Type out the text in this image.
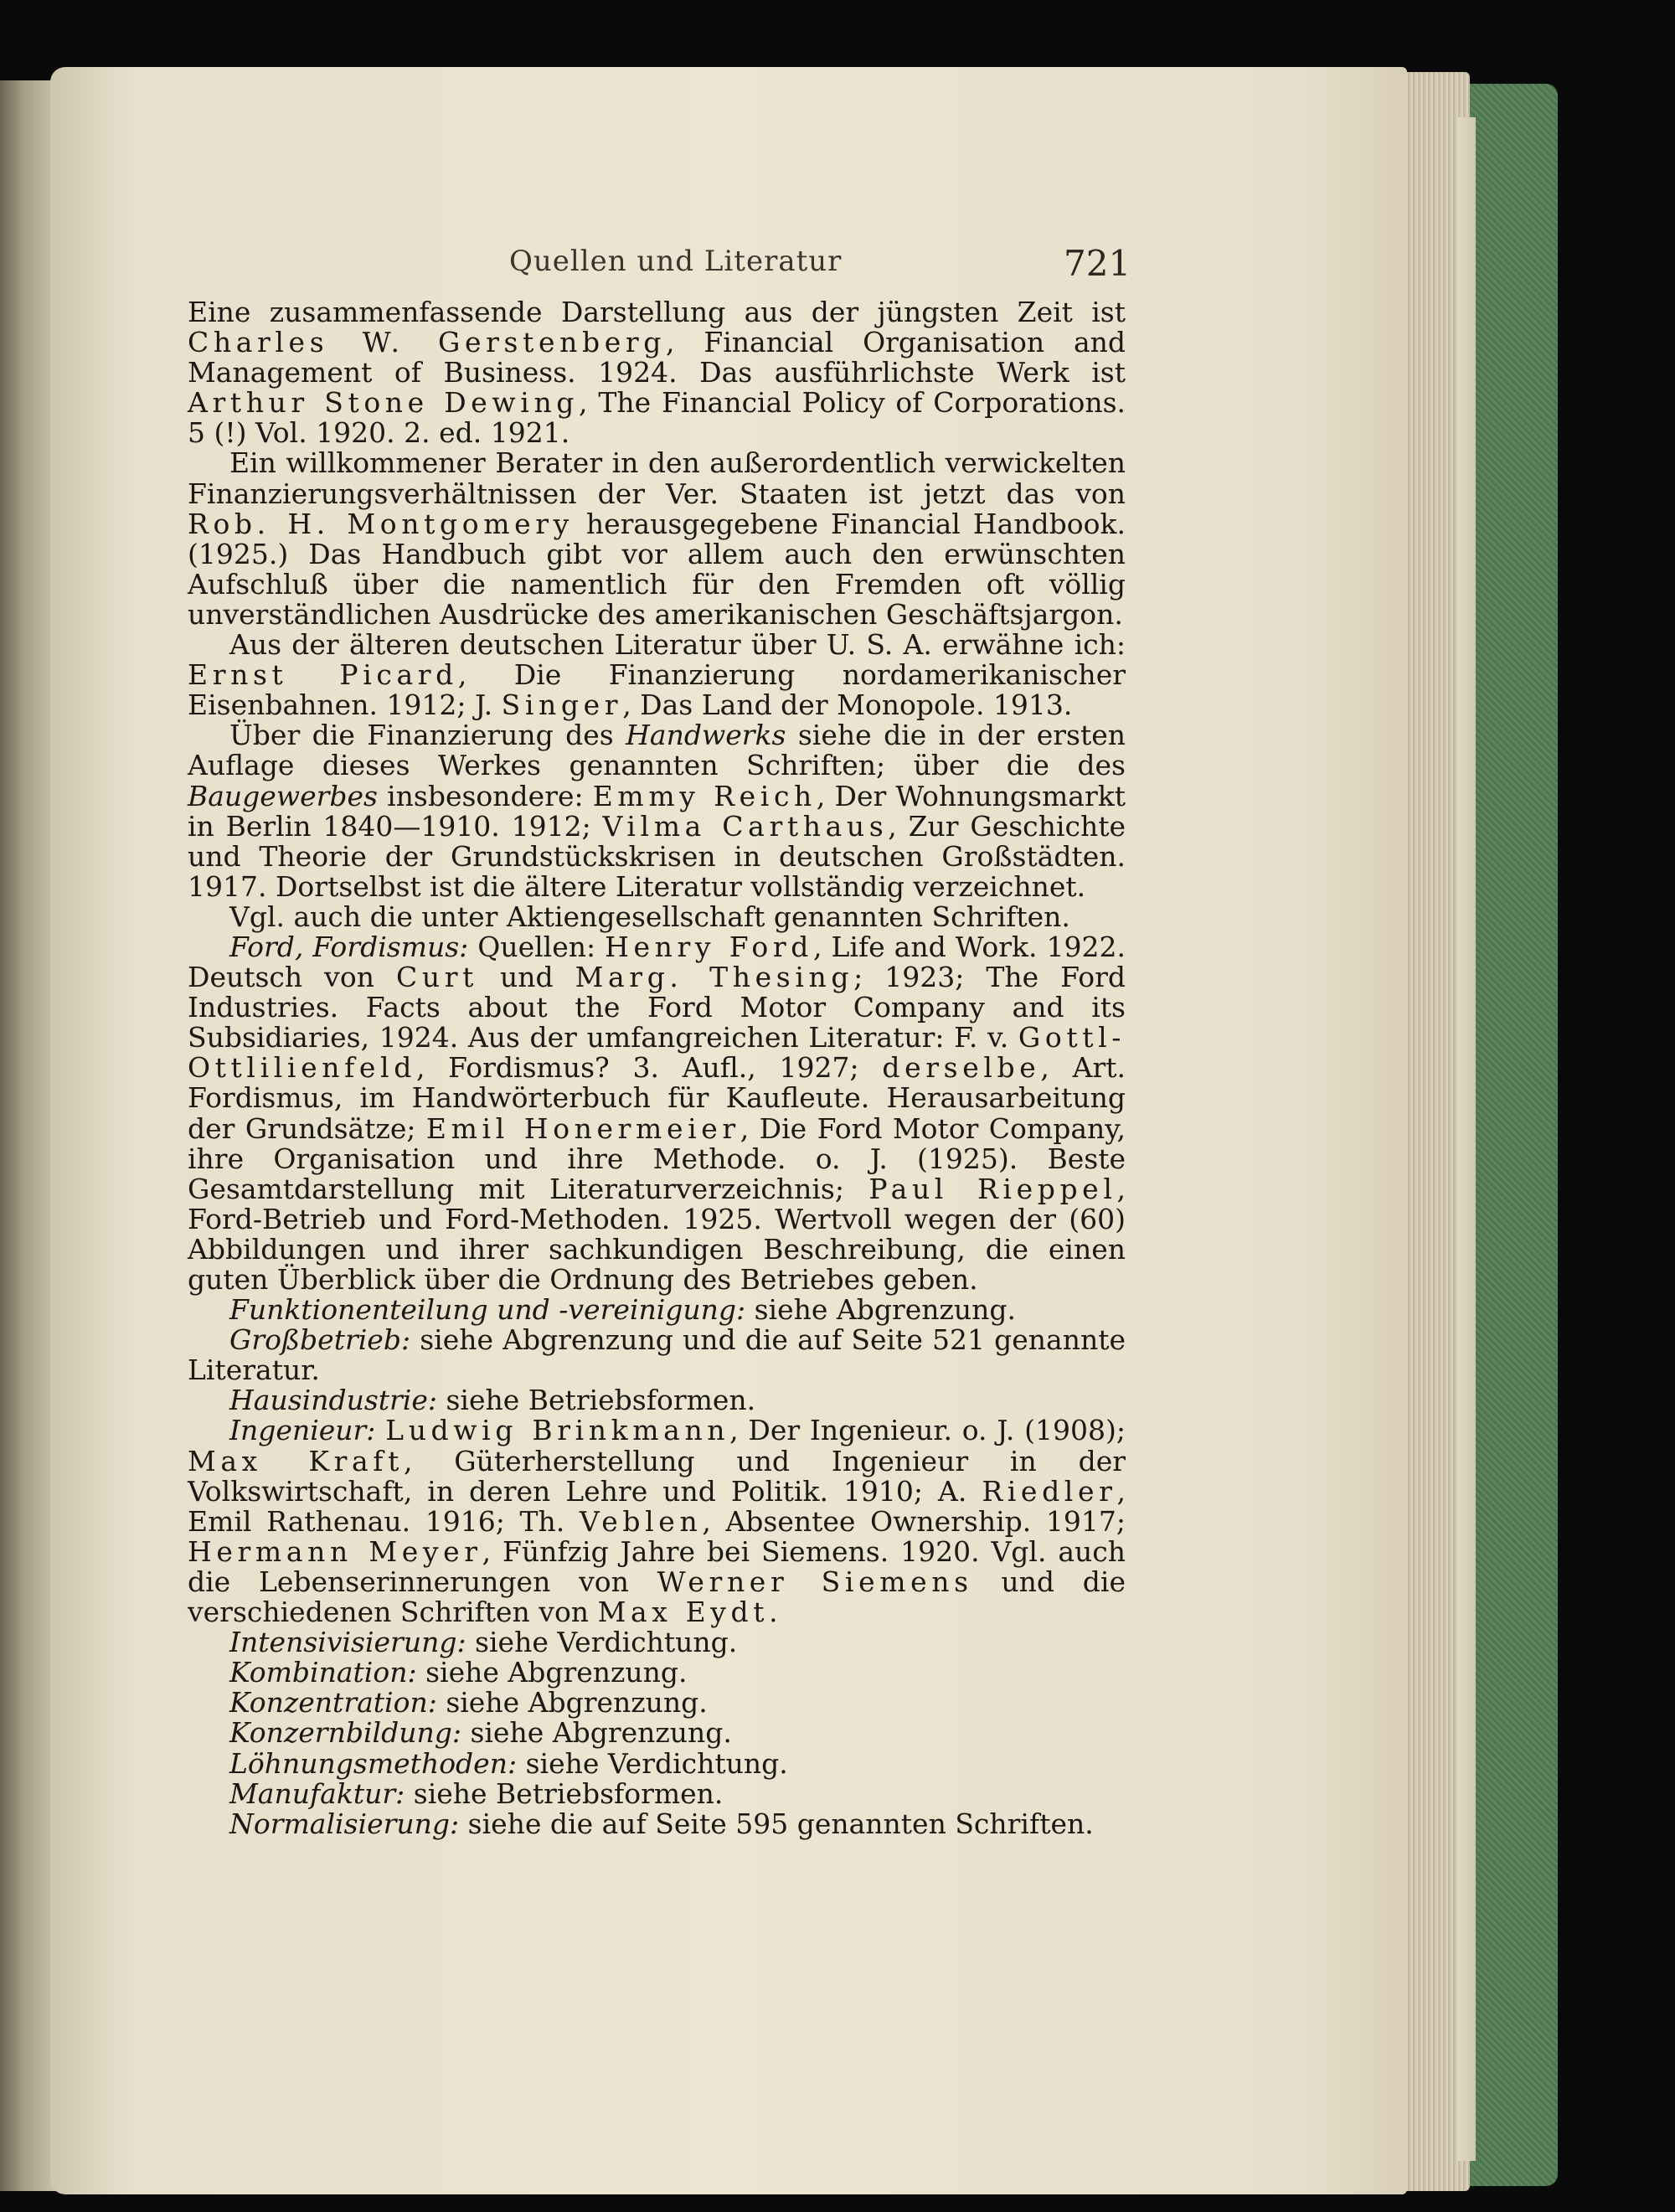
Quellen und Literatur	721

Eine zusammenfassende Darstellung aus der jüngsten Zeit ist Charles W. Gerstenberg, Financial Organisation and Management of Business. 1924. Das ausführlichste Werk ist Arthur Stone Dewing, The Financial Policy of Corporations. 5 (!) Vol. 1920. 2. ed. 1921.

Ein willkommener Berater in den außerordentlich verwickelten Finanzierungsverhältnissen der Ver. Staaten ist jetzt das von Rob. H. Montgomery herausgegebene Financial Handbook. (1925.) Das Handbuch gibt vor allem auch den erwünschten Aufschluß über die namentlich für den Fremden oft völlig unverständlichen Ausdrücke des amerikanischen Geschäftsjargon.

Aus der älteren deutschen Literatur über U. S. A. erwähne ich: Ernst Picard, Die Finanzierung nordamerikanischer Eisenbahnen. 1912; J. Singer, Das Land der Monopole. 1913.

Über die Finanzierung des Handwerks siehe die in der ersten Auflage dieses Werkes genannten Schriften; über die des Baugewerbes insbesondere: Emmy Reich, Der Wohnungsmarkt in Berlin 1840—1910. 1912; Vilma Carthaus, Zur Geschichte und Theorie der Grundstückskrisen in deutschen Großstädten. 1917. Dortselbst ist die ältere Literatur vollständig verzeichnet.

Vgl. auch die unter Aktiengesellschaft genannten Schriften.

Ford, Fordismus: Quellen: Henry Ford, Life and Work. 1922. Deutsch von Curt und Marg. Thesing; 1923; The Ford Industries. Facts about the Ford Motor Company and its Subsidiaries, 1924. Aus der umfangreichen Literatur: F. v. Gottl-Ottlilienfeld, Fordismus? 3. Aufl., 1927; derselbe, Art. Fordismus, im Handwörterbuch für Kaufleute. Herausarbeitung der Grundsätze; Emil Honermeier, Die Ford Motor Company, ihre Organisation und ihre Methode. o. J. (1925). Beste Gesamtdarstellung mit Literaturverzeichnis; Paul Rieppel, Ford-Betrieb und Ford-Methoden. 1925. Wertvoll wegen der (60) Abbildungen und ihrer sachkundigen Beschreibung, die einen guten Überblick über die Ordnung des Betriebes geben.

Funktionenteilung und -vereinigung: siehe Abgrenzung.

Großbetrieb: siehe Abgrenzung und die auf Seite 521 genannte Literatur.

Hausindustrie: siehe Betriebsformen.

Ingenieur: Ludwig Brinkmann, Der Ingenieur. o. J. (1908); Max Kraft, Güterherstellung und Ingenieur in der Volkswirtschaft, in deren Lehre und Politik. 1910; A. Riedler, Emil Rathenau. 1916; Th. Veblen, Absentee Ownership. 1917; Hermann Meyer, Fünfzig Jahre bei Siemens. 1920. Vgl. auch die Lebenserinnerungen von Werner Siemens und die verschiedenen Schriften von Max Eydt.

Intensivisierung: siehe Verdichtung.

Kombination: siehe Abgrenzung.

Konzentration: siehe Abgrenzung.

Konzernbildung: siehe Abgrenzung.

Löhnungsmethoden: siehe Verdichtung.

Manufaktur: siehe Betriebsformen.

Normalisierung: siehe die auf Seite 595 genannten Schriften.
